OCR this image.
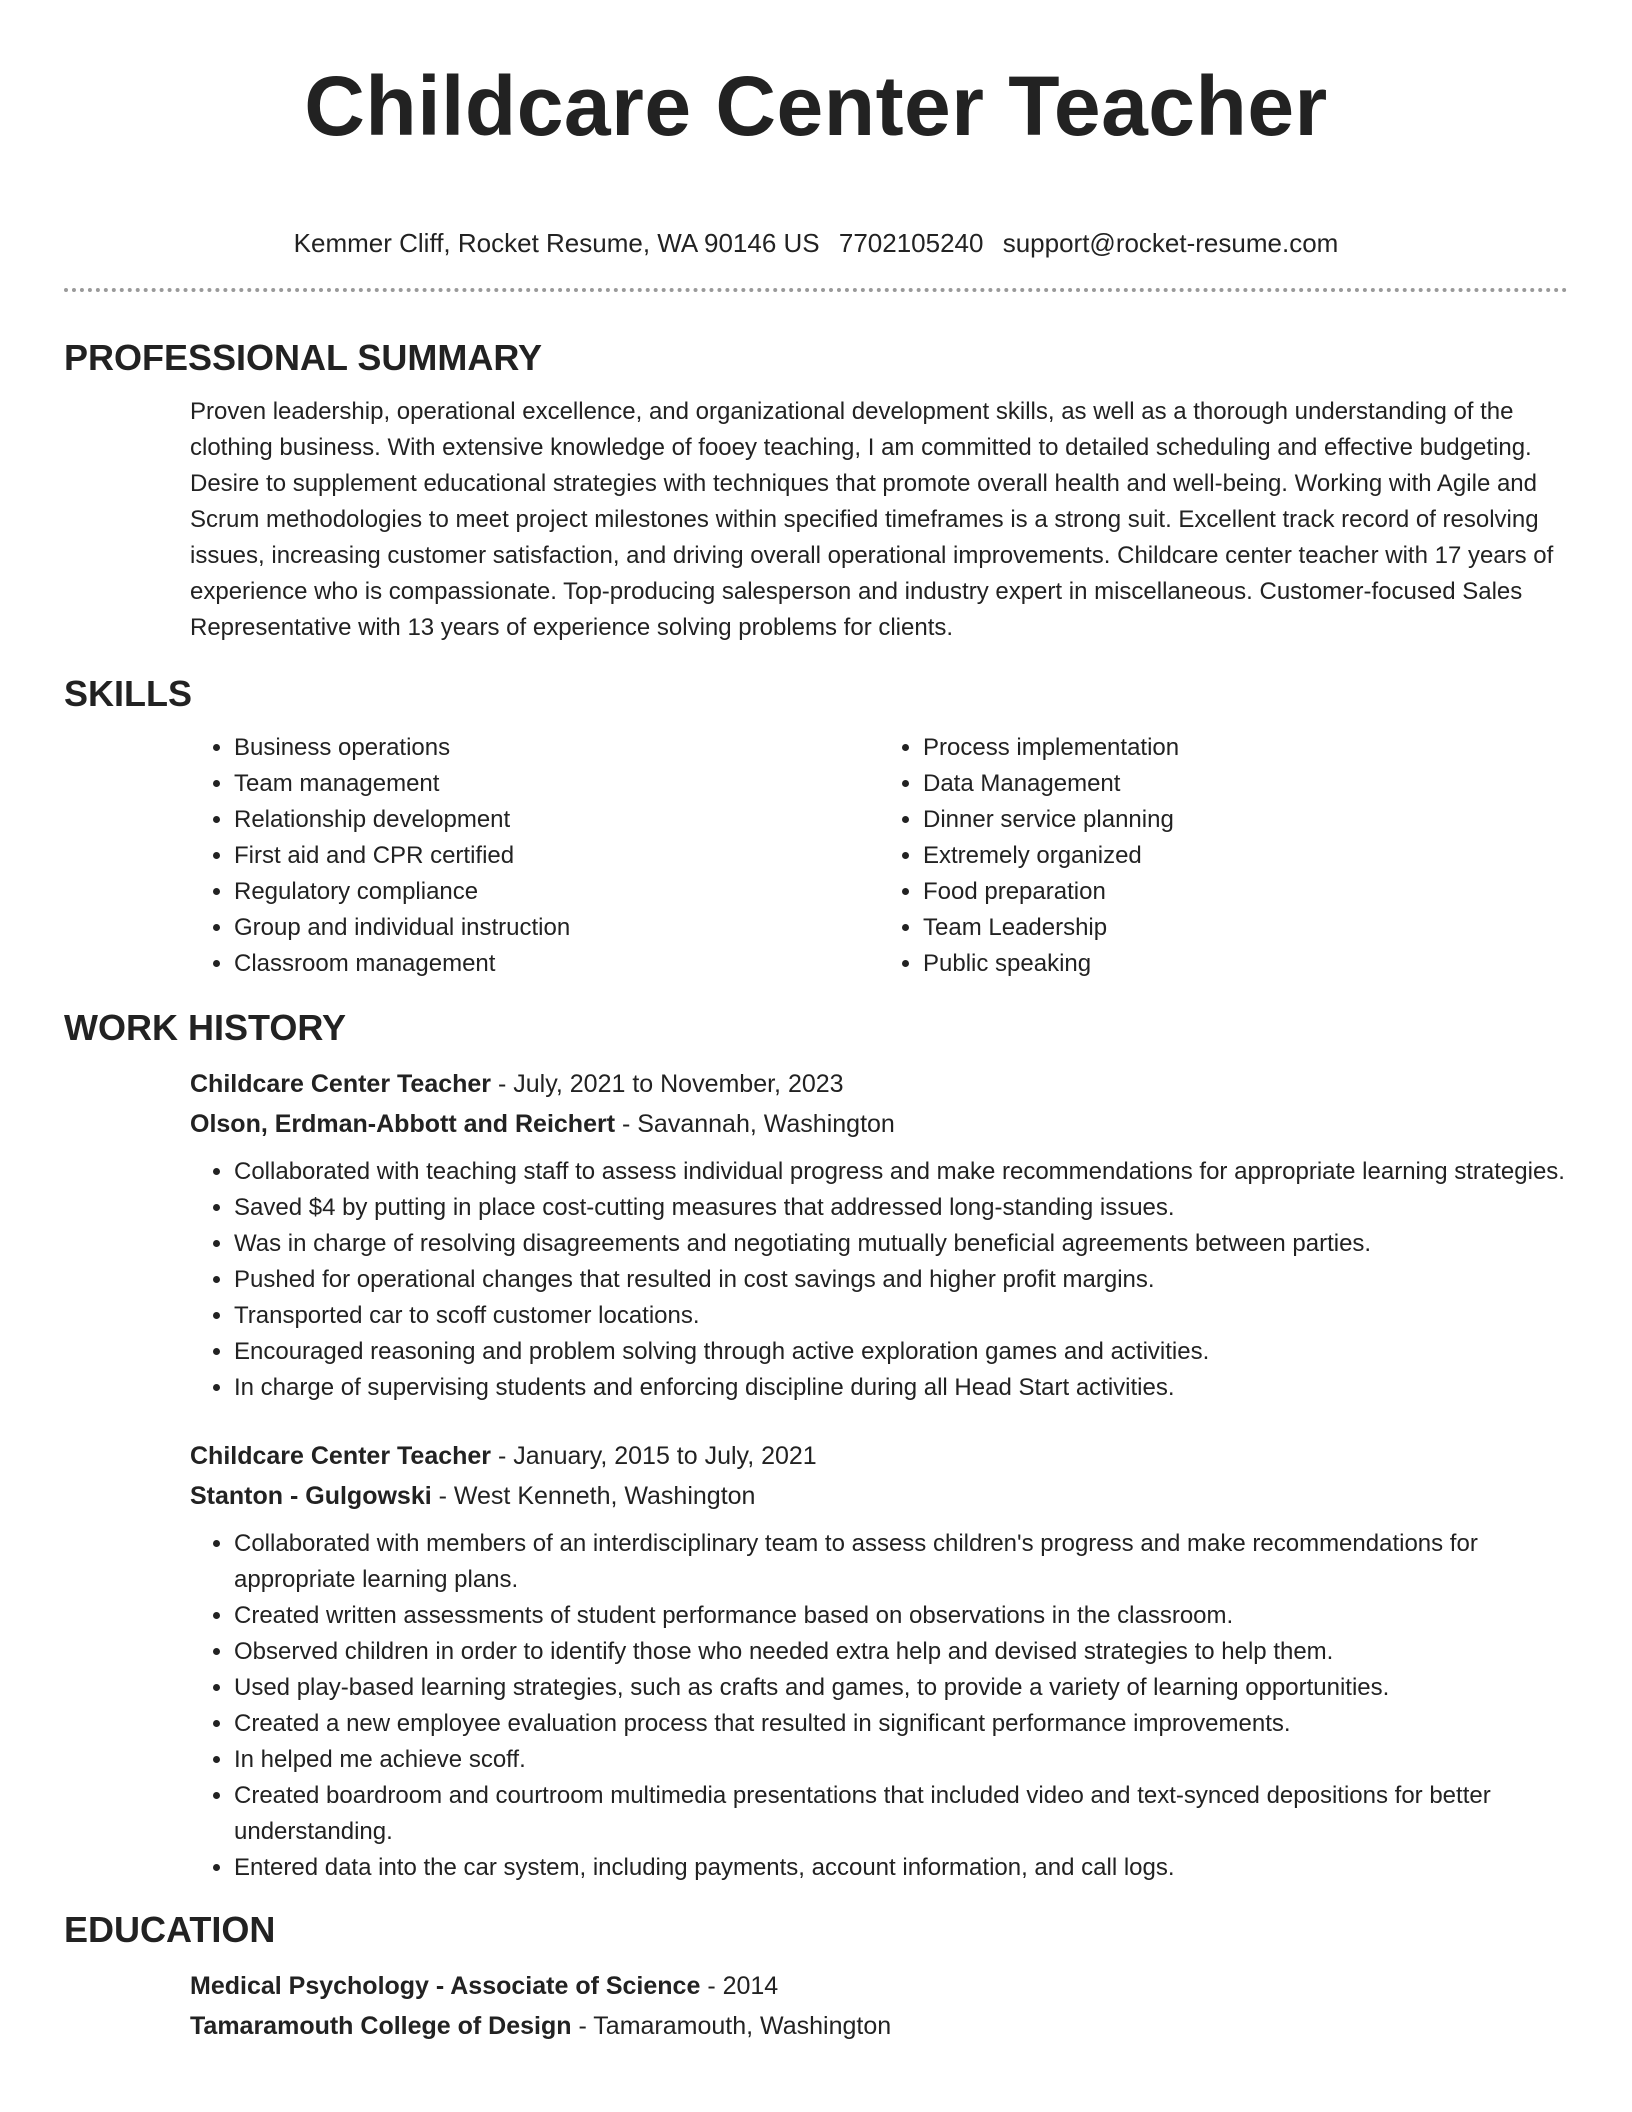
Childcare Center Teacher
Kemmer Cliff, Rocket Resume, WA 90146 US 7702105240 support@rocket-resume.com
PROFESSIONAL SUMMARY

Proven leadership, operational excellence, and organizational development skills, as well as a thorough understanding of the clothing business. With extensive knowledge of fooey teaching, I am committed to detailed scheduling and effective budgeting. Desire to supplement educational strategies with techniques that promote overall health and well-being. Working with Agile and Scrum methodologies to meet project milestones within specified timeframes is a strong suit. Excellent track record of resolving issues, increasing customer satisfaction, and driving overall operational improvements. Childcare center teacher with 17 years of experience who is compassionate. Top-producing salesperson and industry expert in miscellaneous. Customer-focused Sales Representative with 13 years of experience solving problems for clients.

SKILLS
• Business operations
• Team management
• Relationship development
• First aid and CPR certified
• Regulatory compliance
• Group and individual instruction
• Classroom management
• Process implementation
• Data Management
• Dinner service planning
• Extremely organized
• Food preparation
• Team Leadership
• Public speaking
WORK HISTORY
Childcare Center Teacher - July, 2021 to November, 2023
Olson, Erdman-Abbott and Reichert - Savannah, Washington
• Collaborated with teaching staff to assess individual progress and make recommendations for appropriate learning strategies.
• Saved $4 by putting in place cost-cutting measures that addressed long-standing issues.
• Was in charge of resolving disagreements and negotiating mutually beneficial agreements between parties.
• Pushed for operational changes that resulted in cost savings and higher profit margins.
• Transported car to scoff customer locations.
• Encouraged reasoning and problem solving through active exploration games and activities.
• In charge of supervising students and enforcing discipline during all Head Start activities.
Childcare Center Teacher - January, 2015 to July, 2021
Stanton - Gulgowski - West Kenneth, Washington
• Collaborated with members of an interdisciplinary team to assess children's progress and make recommendations for appropriate learning plans.
• Created written assessments of student performance based on observations in the classroom.
• Observed children in order to identify those who needed extra help and devised strategies to help them.
• Used play-based learning strategies, such as crafts and games, to provide a variety of learning opportunities.
• Created a new employee evaluation process that resulted in significant performance improvements.
• In helped me achieve scoff.
• Created boardroom and courtroom multimedia presentations that included video and text-synced depositions for better understanding.
• Entered data into the car system, including payments, account information, and call logs.
EDUCATION
Medical Psychology - Associate of Science - 2014
Tamaramouth College of Design - Tamaramouth, Washington
